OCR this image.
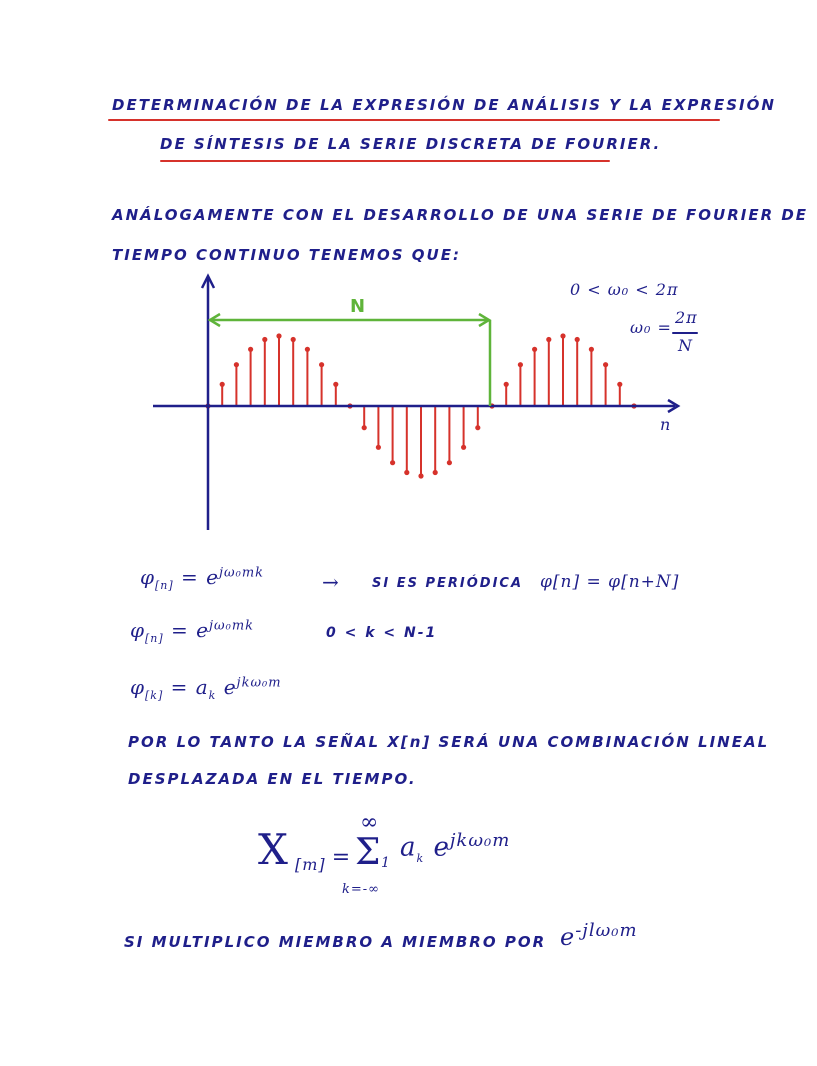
DETERMINACIÓN DE LA EXPRESIÓN DE ANÁLISIS Y LA EXPRESIÓN
DE SÍNTESIS DE LA SERIE DISCRETA DE FOURIER.
ANÁLOGAMENTE CON EL DESARROLLO DE UNA SERIE DE FOURIER DE
TIEMPO CONTINUO TENEMOS QUE:
0 < ω₀ < 2π
ω₀ =
2π
N
N
n
$\varphi_{[n]} = e^{j\omega_0mk}$	→ SI ES PERIÓDICA φ[n] = φ[n+N]
$\varphi_{[n]} = e^{j\omega_0mk}$	0 < k < N-1
$\varphi_{[k]} = a_k$ $e^{jk\omega_0m}$
POR LO TANTO LA SEÑAL X[n] SERÁ UNA COMBINACIÓN LINEAL
DESPLAZADA EN EL TIEMPO.
X [m] =
∞
Σ 1
k=-∞
$a_k$ $e^{jk\omega_0m}$
SI MULTIPLICO MIEMBRO A MIEMBRO POR $e^{-jl\omega_0m}$
